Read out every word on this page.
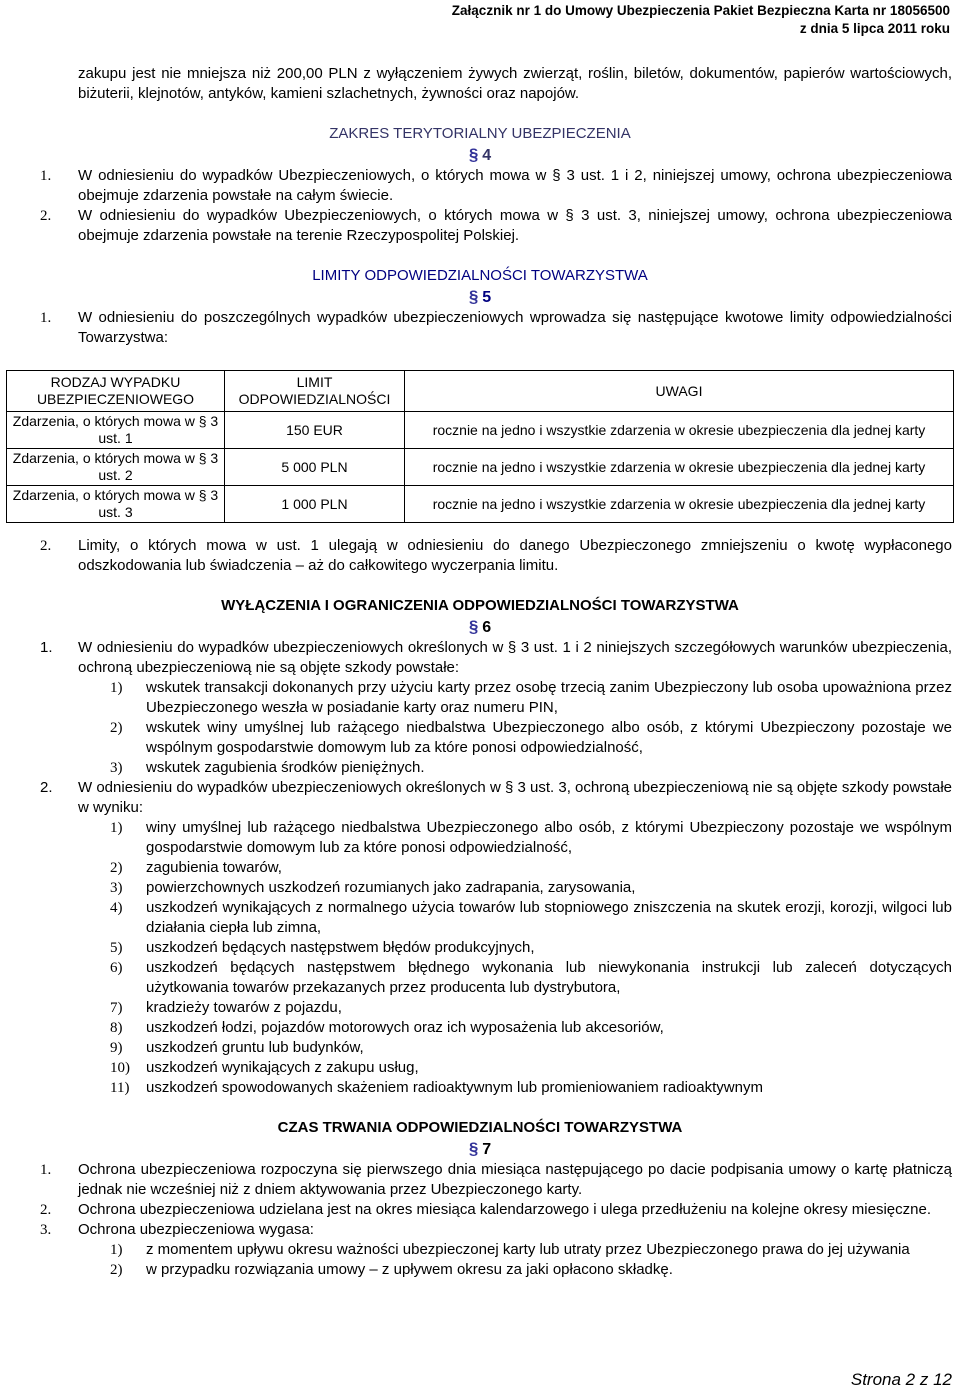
Załącznik nr 1 do Umowy Ubezpieczenia Pakiet Bezpieczna Karta nr 18056500
z dnia 5 lipca 2011 roku

zakupu jest nie mniejsza niż 200,00 PLN z wyłączeniem żywych zwierząt, roślin, biletów, dokumentów, papierów wartościowych, biżuterii, klejnotów, antyków, kamieni szlachetnych, żywności oraz napojów.

ZAKRES TERYTORIALNY UBEZPIECZENIA
§ 4
1. W odniesieniu do wypadków Ubezpieczeniowych, o których mowa w § 3 ust. 1 i 2, niniejszej umowy, ochrona ubezpieczeniowa obejmuje zdarzenia powstałe na całym świecie.
2. W odniesieniu do wypadków Ubezpieczeniowych, o których mowa w § 3 ust. 3, niniejszej umowy, ochrona ubezpieczeniowa obejmuje zdarzenia powstałe na terenie Rzeczypospolitej Polskiej.
LIMITY ODPOWIEDZIALNOŚCI TOWARZYSTWA
§ 5
1. W odniesieniu do poszczególnych wypadków ubezpieczeniowych wprowadza się następujące kwotowe limity odpowiedzialności Towarzystwa:
RODZAJ WYPADKU UBEZPIECZENIOWEGO	LIMIT ODPOWIEDZIALNOŚCI	UWAGI
Zdarzenia, o których mowa w § 3 ust. 1	150 EUR	rocznie na jedno i wszystkie zdarzenia w okresie ubezpieczenia dla jednej karty
Zdarzenia, o których mowa w § 3 ust. 2	5 000 PLN	rocznie na jedno i wszystkie zdarzenia w okresie ubezpieczenia dla jednej karty
Zdarzenia, o których mowa w § 3 ust. 3	1 000 PLN	rocznie na jedno i wszystkie zdarzenia w okresie ubezpieczenia dla jednej karty
2. Limity, o których mowa w ust. 1 ulegają w odniesieniu do danego Ubezpieczonego zmniejszeniu o kwotę wypłaconego odszkodowania lub świadczenia – aż do całkowitego wyczerpania limitu.
WYŁĄCZENIA I OGRANICZENIA ODPOWIEDZIALNOŚCI TOWARZYSTWA
§ 6
1. W odniesieniu do wypadków ubezpieczeniowych określonych w § 3 ust. 1 i 2 niniejszych szczegółowych warunków ubezpieczenia, ochroną ubezpieczeniową nie są objęte szkody powstałe:
1) wskutek transakcji dokonanych przy użyciu karty przez osobę trzecią zanim Ubezpieczony lub osoba upoważniona przez Ubezpieczonego weszła w posiadanie karty oraz numeru PIN,
2) wskutek winy umyślnej lub rażącego niedbalstwa Ubezpieczonego albo osób, z którymi Ubezpieczony pozostaje we wspólnym gospodarstwie domowym lub za które ponosi odpowiedzialność,
3) wskutek zagubienia środków pieniężnych.
2. W odniesieniu do wypadków ubezpieczeniowych określonych w § 3 ust. 3, ochroną ubezpieczeniową nie są objęte szkody powstałe w wyniku:
1) winy umyślnej lub rażącego niedbalstwa Ubezpieczonego albo osób, z którymi Ubezpieczony pozostaje we wspólnym gospodarstwie domowym lub za które ponosi odpowiedzialność,
2) zagubienia towarów,
3) powierzchownych uszkodzeń rozumianych jako zadrapania, zarysowania,
4) uszkodzeń wynikających z normalnego użycia towarów lub stopniowego zniszczenia na skutek erozji, korozji, wilgoci lub działania ciepła lub zimna,
5) uszkodzeń będących następstwem błędów produkcyjnych,
6) uszkodzeń będących następstwem błędnego wykonania lub niewykonania instrukcji lub zaleceń dotyczących użytkowania towarów przekazanych przez producenta lub dystrybutora,
7) kradzieży towarów z pojazdu,
8) uszkodzeń łodzi, pojazdów motorowych oraz ich wyposażenia lub akcesoriów,
9) uszkodzeń gruntu lub budynków,
10) uszkodzeń wynikających z zakupu usług,
11) uszkodzeń spowodowanych skażeniem radioaktywnym lub promieniowaniem radioaktywnym
CZAS TRWANIA ODPOWIEDZIALNOŚCI TOWARZYSTWA
§ 7
1. Ochrona ubezpieczeniowa rozpoczyna się pierwszego dnia miesiąca następującego po dacie podpisania umowy o kartę płatniczą jednak nie wcześniej niż z dniem aktywowania przez Ubezpieczonego karty.
2. Ochrona ubezpieczeniowa udzielana jest na okres miesiąca kalendarzowego i ulega przedłużeniu na kolejne okresy miesięczne.
3. Ochrona ubezpieczeniowa wygasa:
1) z momentem upływu okresu ważności ubezpieczonej karty lub utraty przez Ubezpieczonego prawa do jej używania
2) w przypadku rozwiązania umowy – z upływem okresu za jaki opłacono składkę.
Strona 2 z 12
